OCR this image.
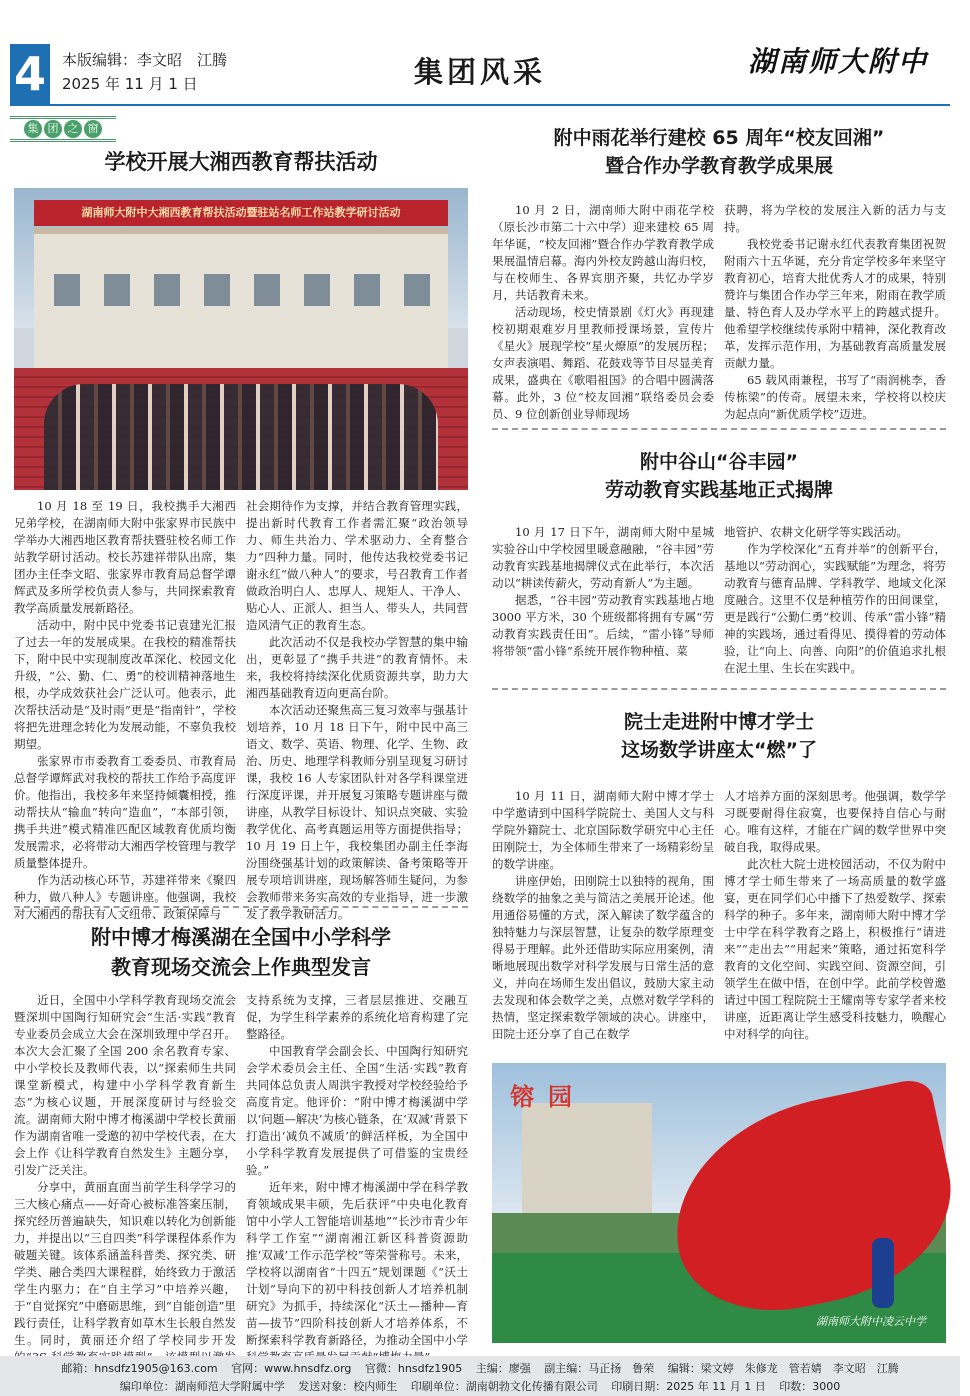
4 本版编辑：李文昭　江腾
2025 年 11 月 1 日	集团风采	湖南师大附中
集 团 之 窗
学校开展大湘西教育帮扶活动
湖南师大附中大湘西教育帮扶活动暨驻站名师工作站教学研讨活动

10 月 18 至 19 日，我校携手大湘西兄弟学校，在湖南师大附中张家界市民族中学举办大湘西地区教育帮扶暨驻校名师工作站教学研讨活动。校长苏建祥带队出席，集团办主任李文昭、张家界市教育局总督学谭辉武及多所学校负责人参与，共同探索教育教学高质量发展新路径。

活动中，附中民中党委书记袁建光汇报了过去一年的发展成果。在我校的精准帮扶下，附中民中实现制度改革深化、校园文化升级，“公、勤、仁、勇”的校训精神落地生根，办学成效获社会广泛认可。他表示，此次帮扶活动是“及时雨”更是“指南针”，学校将把先进理念转化为发展动能，不辜负我校期望。

张家界市市委教育工委委员、市教育局总督学谭辉武对我校的帮扶工作给予高度评价。他指出，我校多年来坚持倾囊相授，推动帮扶从“输血”转向“造血”，“本部引领，携手共进”模式精准匹配区域教育优质均衡发展需求，必将带动大湘西学校管理与教学质量整体提升。

作为活动核心环节，苏建祥带来《聚四种力，做八种人》专题讲座。他强调，我校对大湘西的帮扶有人文纽带、政策保障与

社会期待作为支撑，并结合教育管理实践，提出新时代教育工作者需汇聚“政治领导力、师生共治力、学术驱动力、全育整合力”四种力量。同时，他传达我校党委书记谢永红“做八种人”的要求，号召教育工作者做政治明白人、忠厚人、规矩人、干净人、贴心人、正派人、担当人、带头人，共同营造风清气正的教育生态。

此次活动不仅是我校办学智慧的集中输出，更彰显了“携手共进”的教育情怀。未来，我校将持续深化优质资源共享，助力大湘西基础教育迈向更高台阶。

本次活动还聚焦高三复习效率与强基计划培养，10 月 18 日下午，附中民中高三语文、数学、英语、物理、化学、生物、政治、历史、地理学科教师分别呈现复习研讨课，我校 16 人专家团队针对各学科课堂进行深度评课，并开展复习策略专题讲座与微讲座，从教学目标设计、知识点突破、实验教学优化、高考真题运用等方面提供指导；10 月 19 日上午，我校集团办副主任李海汾围绕强基计划的政策解读、备考策略等开展专项培训讲座，现场解答师生疑问，为参会教师带来务实高效的专业指导，进一步激发了教学教研活力。

附中博才梅溪湖在全国中小学科学
教育现场交流会上作典型发言

近日，全国中小学科学教育现场交流会暨深圳中国陶行知研究会“生活·实践”教育专业委员会成立大会在深圳致理中学召开。本次大会汇聚了全国 200 余名教育专家、中小学校长及教师代表，以“探索师生共同课堂新模式，构建中小学科学教育新生态”为核心议题，开展深度研讨与经验交流。湖南师大附中博才梅溪湖中学校长黄丽作为湖南省唯一受邀的初中学校代表，在大会上作《让科学教育自然发生》主题分享，引发广泛关注。

分享中，黄丽直面当前学生科学学习的三大核心痛点——好奇心被标准答案压制，探究经历普遍缺失，知识难以转化为创新能力，并提出以“三自四类”科学课程体系作为破题关键。该体系涵盖科普类、探究类、研学类、融合类四大课程群，始终致力于激活学生内驱力；在“自主学习”中培养兴趣，于“自觉探究”中磨砺思维，到“自能创造”里践行责任，让科学教育如草木生长般自然发生。同时，黄丽还介绍了学校同步开发

支持系统为支撑，三者层层推进、交融互促，为学生科学素养的系统化培育构建了完整路径。

中国教育学会副会长、中国陶行知研究会学术委员会主任、全国“生活·实践”教育共同体总负责人周洪宇教授对学校经验给予高度肯定。他评价：“附中博才梅溪湖中学以‘问题—解决’为核心链条，在‘双减’背景下打造出‘减负不减质’的鲜活样板，为全国中小学科学教育发展提供了可借鉴的宝贵经验。”

近年来，附中博才梅溪湖中学在科学教育领域成果丰硕，先后获评“中央电化教育馆中小学人工智能培训基地”“长沙市青少年科学工作室”“湖南湘江新区科普资源助推‘双减’工作示范学校”等荣誉称号。未来，学校将以湖南省“十四五”规划课题《“沃土计划”导向下的初中科技创新人才培养机制研究》为抓手，持续深化“沃土—播种—育苗—拔节”四阶科技创新人才培养体系，不断探索科学教育新路径，为推动全国中小学

附中雨花举行建校 65 周年“校友回湘”
暨合作办学教育教学成果展

10 月 2 日，湖南师大附中雨花学校（原长沙市第二十六中学）迎来建校 65 周年华诞，“校友回湘”暨合作办学教育教学成果展温情启幕。海内外校友跨越山海归校，与在校师生、各界宾朋齐聚，共忆办学岁月，共话教育未来。

活动现场，校史情景剧《灯火》再现建校初期艰难岁月里教师授课场景，宣传片《星火》展现学校“星火燎原”的发展历程；女声表演唱、舞蹈、花鼓戏等节目尽显美育成果，盛典在《歌唱祖国》的合唱中圆满落幕。此外，3 位“校友回湘”联络委员会委员、9 位创新创业导师现场

获聘，将为学校的发展注入新的活力与支持。

我校党委书记谢永红代表教育集团祝贺附雨六十五华诞，充分肯定学校多年来坚守教育初心，培育大批优秀人才的成果，特别赞许与集团合作办学三年来，附雨在教学质量、特色育人及办学水平上的跨越式提升。他希望学校继续传承附中精神，深化教育改革，发挥示范作用，为基础教育高质量发展贡献力量。

65 载风雨兼程，书写了“雨润桃李，香传栋梁”的传奇。展望未来，学校将以校庆为起点向“新优质学校”迈进。

附中谷山“谷丰园”
劳动教育实践基地正式揭牌

10 月 17 日下午，湖南师大附中星城实验谷山中学校园里暖意融融，“谷丰园”劳动教育实践基地揭牌仪式在此举行，本次活动以“耕读传薪火，劳动育新人”为主题。

据悉，“谷丰园”劳动教育实践基地占地 3000 平方米，30 个班级都将拥有专属“劳动教育实践责任田”。后续，“雷小锋”导师将带领“雷小锋”系统开展作物种植、菜

地管护、农耕文化研学等实践活动。

作为学校深化“五育并举”的创新平台，基地以“劳动润心，实践赋能”为理念，将劳动教育与德育品牌、学科教学、地域文化深度融合。这里不仅是种植劳作的田间课堂，更是践行“公勤仁勇”校训、传承“雷小锋”精神的实践场，通过看得见、摸得着的劳动体验，让“向上、向善、向阳”的价值追求扎根在泥土里、生长在实践中。

院士走进附中博才学士
这场数学讲座太“燃”了

10 月 11 日，湖南师大附中博才学士中学邀请到中国科学院院士、美国人文与科学院外籍院士、北京国际数学研究中心主任田刚院士，为全体师生带来了一场精彩纷呈的数学讲座。

讲座伊始，田刚院士以独特的视角，围绕数学的抽象之美与简洁之美展开论述。他用通俗易懂的方式，深入解读了数学蕴含的独特魅力与深层智慧，让复杂的数学原理变得易于理解。此外还借助实际应用案例，清晰地展现出数学对科学发展与日常生活的意义，并向在场师生发出倡议，鼓励大家主动去发现和体会数学之美，点燃对数学学科的热情，坚定探索数学领域的决心。讲座中，田院士还分享了自己在数学

人才培养方面的深刻思考。他强调，数学学习既要耐得住寂寞，也要保持自信心与耐心。唯有这样，才能在广阔的数学世界中突破自我，取得成果。

此次杜大院士进校园活动，不仅为附中博才学士师生带来了一场高质量的数学盛宴，更在同学们心中播下了热爱数学、探索科学的种子。多年来，湖南师大附中博才学士中学在科学教育之路上，积极推行“请进来”“走出去”“用起来”策略，通过拓宽科学教育的文化空间、实践空间、资源空间，引领学生在做中悟，在创中学。此前学校曾邀请过中国工程院院士王耀南等专家学者来校讲座，近距离让学生感受科技魅力，唤醒心中对科学的向往。

镕园
湖南师大附中凌云中学
邮箱：hnsdfz1905@163.com 官网：www.hnsdfz.org 官微：hnsdfz1905 主编：廖强 副主编：马正扬　鲁荣 编辑：梁文婷　朱修龙　管若婧　李文昭　江腾
编印单位：湖南师范大学附属中学 发送对象：校内师生 印刷单位：湖南朝勃文化传播有限公司 印刷日期：2025 年 11 月 1 日 印数：3000
